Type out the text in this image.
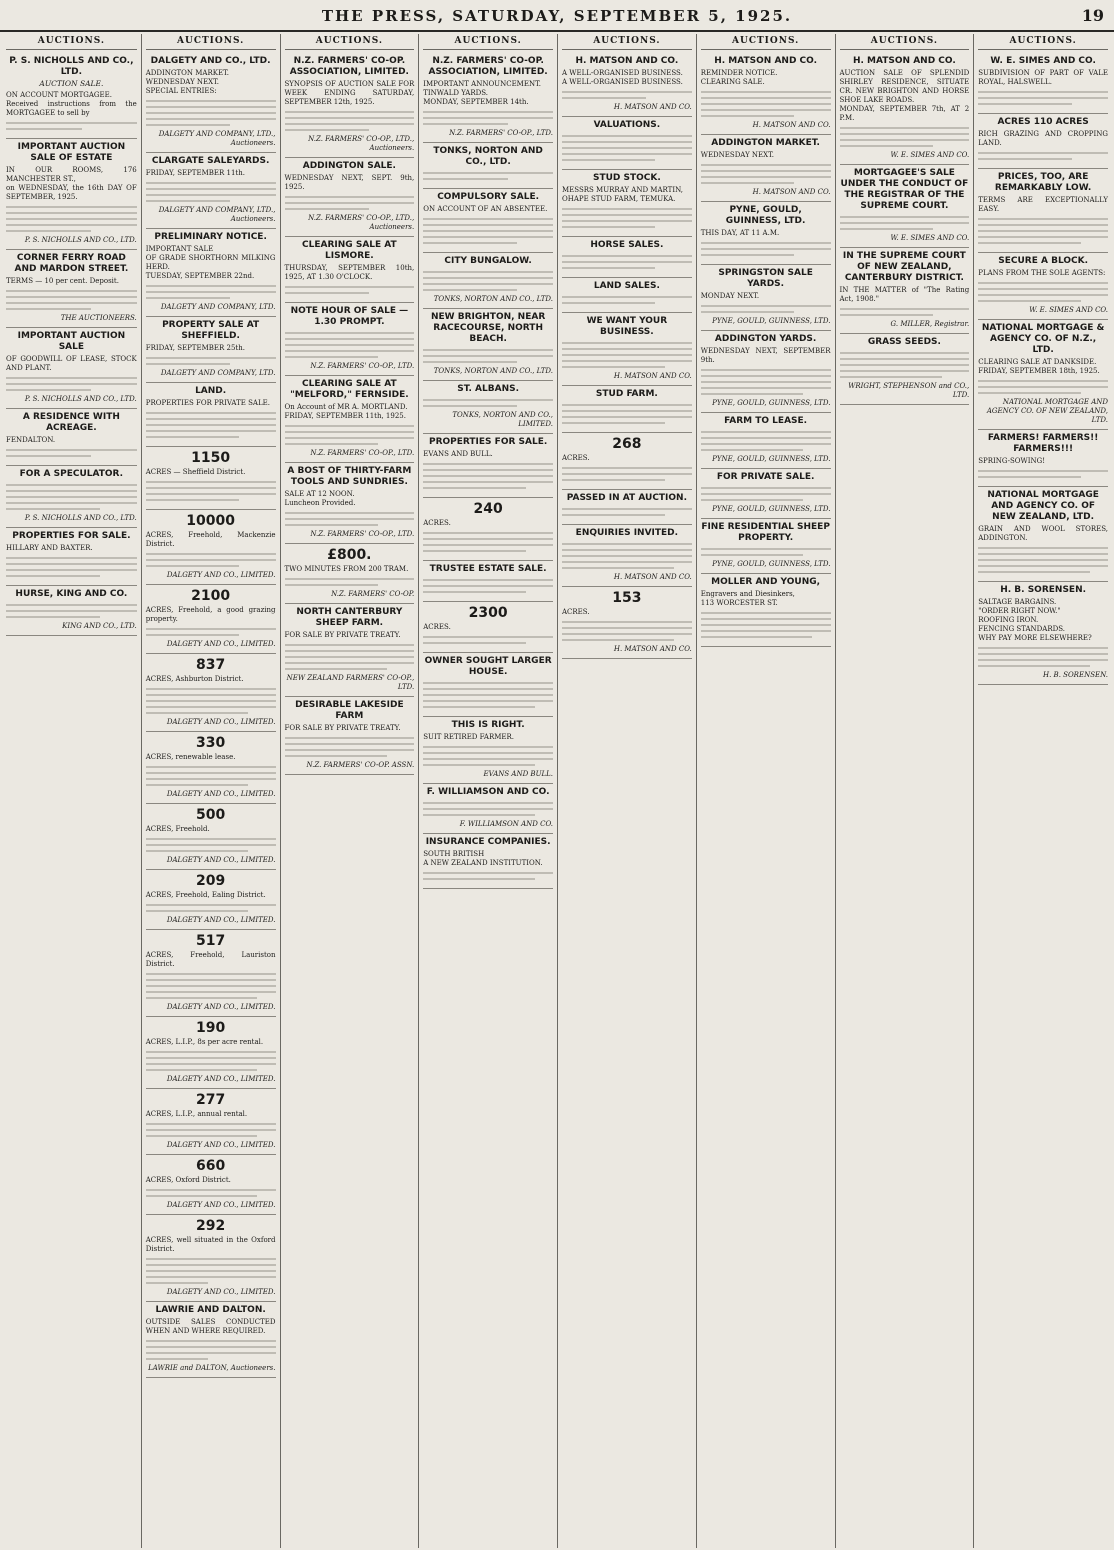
THE PRESS, SATURDAY, SEPTEMBER 5, 1925.	19
AUCTIONS.
P. S. NICHOLLS AND CO., LTD.
AUCTION SALE.
ON ACCOUNT MORTGAGEE.
Received instructions from the MORTGAGEE to sell by
IMPORTANT AUCTION SALE OF ESTATE
IN OUR ROOMS, 176 MANCHESTER ST.,
on WEDNESDAY, the 16th DAY OF SEPTEMBER, 1925.
P. S. NICHOLLS AND CO., LTD.
CORNER FERRY ROAD AND MARDON STREET.
TERMS — 10 per cent. Deposit.
THE AUCTIONEERS.
IMPORTANT AUCTION SALE
OF GOODWILL OF LEASE, STOCK AND PLANT.
P. S. NICHOLLS AND CO., LTD.
A RESIDENCE WITH ACREAGE.
FENDALTON.
FOR A SPECULATOR.
P. S. NICHOLLS AND CO., LTD.
PROPERTIES FOR SALE.
HILLARY AND BAXTER.
HURSE, KING AND CO.
KING AND CO., LTD.
AUCTIONS.
DALGETY AND CO., LTD.
ADDINGTON MARKET.
WEDNESDAY NEXT.
SPECIAL ENTRIES:
DALGETY AND COMPANY, LTD., Auctioneers.
CLARGATE SALEYARDS.
FRIDAY, SEPTEMBER 11th.
DALGETY AND COMPANY, LTD., Auctioneers.
PRELIMINARY NOTICE.
IMPORTANT SALE
OF GRADE SHORTHORN MILKING HERD.
TUESDAY, SEPTEMBER 22nd.
DALGETY AND COMPANY, LTD.
PROPERTY SALE AT SHEFFIELD.
FRIDAY, SEPTEMBER 25th.
DALGETY AND COMPANY, LTD.
LAND.
PROPERTIES FOR PRIVATE SALE.
1150
ACRES — Sheffield District.
10000
ACRES, Freehold, Mackenzie District.
DALGETY AND CO., LIMITED.
2100
ACRES, Freehold, a good grazing property.
DALGETY AND CO., LIMITED.
837
ACRES, Ashburton District.
DALGETY AND CO., LIMITED.
330
ACRES, renewable lease.
DALGETY AND CO., LIMITED.
500
ACRES, Freehold.
DALGETY AND CO., LIMITED.
209
ACRES, Freehold, Ealing District.
DALGETY AND CO., LIMITED.
517
ACRES, Freehold, Lauriston District.
DALGETY AND CO., LIMITED.
190
ACRES, L.I.P., 8s per acre rental.
DALGETY AND CO., LIMITED.
277
ACRES, L.I.P., annual rental.
DALGETY AND CO., LIMITED.
660
ACRES, Oxford District.
DALGETY AND CO., LIMITED.
292
ACRES, well situated in the Oxford District.
DALGETY AND CO., LIMITED.
LAWRIE AND DALTON.
OUTSIDE SALES CONDUCTED WHEN AND WHERE REQUIRED.
LAWRIE and DALTON, Auctioneers.
AUCTIONS.
N.Z. FARMERS' CO-OP. ASSOCIATION, LIMITED.
SYNOPSIS OF AUCTION SALE FOR WEEK ENDING SATURDAY, SEPTEMBER 12th, 1925.
N.Z. FARMERS' CO-OP., LTD., Auctioneers.
ADDINGTON SALE.
WEDNESDAY NEXT, SEPT. 9th, 1925.
N.Z. FARMERS' CO-OP., LTD., Auctioneers.
CLEARING SALE AT LISMORE.
THURSDAY, SEPTEMBER 10th, 1925, AT 1.30 O'CLOCK.
NOTE HOUR OF SALE — 1.30 PROMPT.
N.Z. FARMERS' CO-OP., LTD.
CLEARING SALE AT "MELFORD," FERNSIDE.
On Account of MR A. MORTLAND.
FRIDAY, SEPTEMBER 11th, 1925.
N.Z. FARMERS' CO-OP., LTD.
A BOST OF THIRTY-FARM TOOLS AND SUNDRIES.
SALE AT 12 NOON.
Luncheon Provided.
N.Z. FARMERS' CO-OP., LTD.
£800.
TWO MINUTES FROM 200 TRAM.
N.Z. FARMERS' CO-OP.
NORTH CANTERBURY SHEEP FARM.
FOR SALE BY PRIVATE TREATY.
NEW ZEALAND FARMERS' CO-OP., LTD.
DESIRABLE LAKESIDE FARM
FOR SALE BY PRIVATE TREATY.
N.Z. FARMERS' CO-OP. ASSN.
AUCTIONS.
N.Z. FARMERS' CO-OP. ASSOCIATION, LIMITED.
IMPORTANT ANNOUNCEMENT.
TINWALD YARDS.
MONDAY, SEPTEMBER 14th.
N.Z. FARMERS' CO-OP., LTD.
TONKS, NORTON AND CO., LTD.
COMPULSORY SALE.
ON ACCOUNT OF AN ABSENTEE.
CITY BUNGALOW.
TONKS, NORTON AND CO., LTD.
NEW BRIGHTON, NEAR RACECOURSE, NORTH BEACH.
TONKS, NORTON AND CO., LTD.
ST. ALBANS.
TONKS, NORTON AND CO., LIMITED.
PROPERTIES FOR SALE.
EVANS AND BULL.
240
ACRES.
TRUSTEE ESTATE SALE.
2300
ACRES.
OWNER SOUGHT LARGER HOUSE.
THIS IS RIGHT.
SUIT RETIRED FARMER.
EVANS AND BULL.
F. WILLIAMSON AND CO.
F. WILLIAMSON AND CO.
INSURANCE COMPANIES.
SOUTH BRITISH
A NEW ZEALAND INSTITUTION.
AUCTIONS.
H. MATSON AND CO.
A WELL-ORGANISED BUSINESS.
A WELL-ORGANISED BUSINESS.
H. MATSON AND CO.
VALUATIONS.
STUD STOCK.
MESSRS MURRAY AND MARTIN,
OHAPE STUD FARM, TEMUKA.
HORSE SALES.
LAND SALES.
WE WANT YOUR BUSINESS.
H. MATSON AND CO.
STUD FARM.
268
ACRES.
PASSED IN AT AUCTION.
ENQUIRIES INVITED.
H. MATSON AND CO.
153
ACRES.
H. MATSON AND CO.
AUCTIONS.
H. MATSON AND CO.
REMINDER NOTICE.
CLEARING SALE.
H. MATSON AND CO.
ADDINGTON MARKET.
WEDNESDAY NEXT.
H. MATSON AND CO.
PYNE, GOULD, GUINNESS, LTD.
THIS DAY, AT 11 A.M.
SPRINGSTON SALE YARDS.
MONDAY NEXT.
PYNE, GOULD, GUINNESS, LTD.
ADDINGTON YARDS.
WEDNESDAY NEXT, SEPTEMBER 9th.
PYNE, GOULD, GUINNESS, LTD.
FARM TO LEASE.
PYNE, GOULD, GUINNESS, LTD.
FOR PRIVATE SALE.
PYNE, GOULD, GUINNESS, LTD.
FINE RESIDENTIAL SHEEP PROPERTY.
PYNE, GOULD, GUINNESS, LTD.
MOLLER AND YOUNG,
Engravers and Diesinkers,
113 WORCESTER ST.
AUCTIONS.
H. MATSON AND CO.
AUCTION SALE OF SPLENDID SHIRLEY RESIDENCE, SITUATE CR. NEW BRIGHTON AND HORSE SHOE LAKE ROADS.
MONDAY, SEPTEMBER 7th, AT 2 P.M.
W. E. SIMES AND CO.
MORTGAGEE'S SALE UNDER THE CONDUCT OF THE REGISTRAR OF THE SUPREME COURT.
W. E. SIMES AND CO.
IN THE SUPREME COURT OF NEW ZEALAND, CANTERBURY DISTRICT.
IN THE MATTER of "The Rating Act, 1908."
G. MILLER, Registrar.
GRASS SEEDS.
WRIGHT, STEPHENSON and CO., LTD.
AUCTIONS.
W. E. SIMES AND CO.
SUBDIVISION OF PART OF VALE ROYAL, HALSWELL.
ACRES 110 ACRES
RICH GRAZING AND CROPPING LAND.
PRICES, TOO, ARE REMARKABLY LOW.
TERMS ARE EXCEPTIONALLY EASY.
SECURE A BLOCK.
PLANS FROM THE SOLE AGENTS:
W. E. SIMES AND CO.
NATIONAL MORTGAGE & AGENCY CO. OF N.Z., LTD.
CLEARING SALE AT DANKSIDE.
FRIDAY, SEPTEMBER 18th, 1925.
NATIONAL MORTGAGE AND AGENCY CO. OF NEW ZEALAND, LTD.
FARMERS! FARMERS!! FARMERS!!!
SPRING-SOWING!
NATIONAL MORTGAGE AND AGENCY CO. OF NEW ZEALAND, LTD.
GRAIN AND WOOL STORES, ADDINGTON.
H. B. SORENSEN.
SALTAGE BARGAINS.
"ORDER RIGHT NOW."
ROOFING IRON.
FENCING STANDARDS.
WHY PAY MORE ELSEWHERE?
H. B. SORENSEN.
